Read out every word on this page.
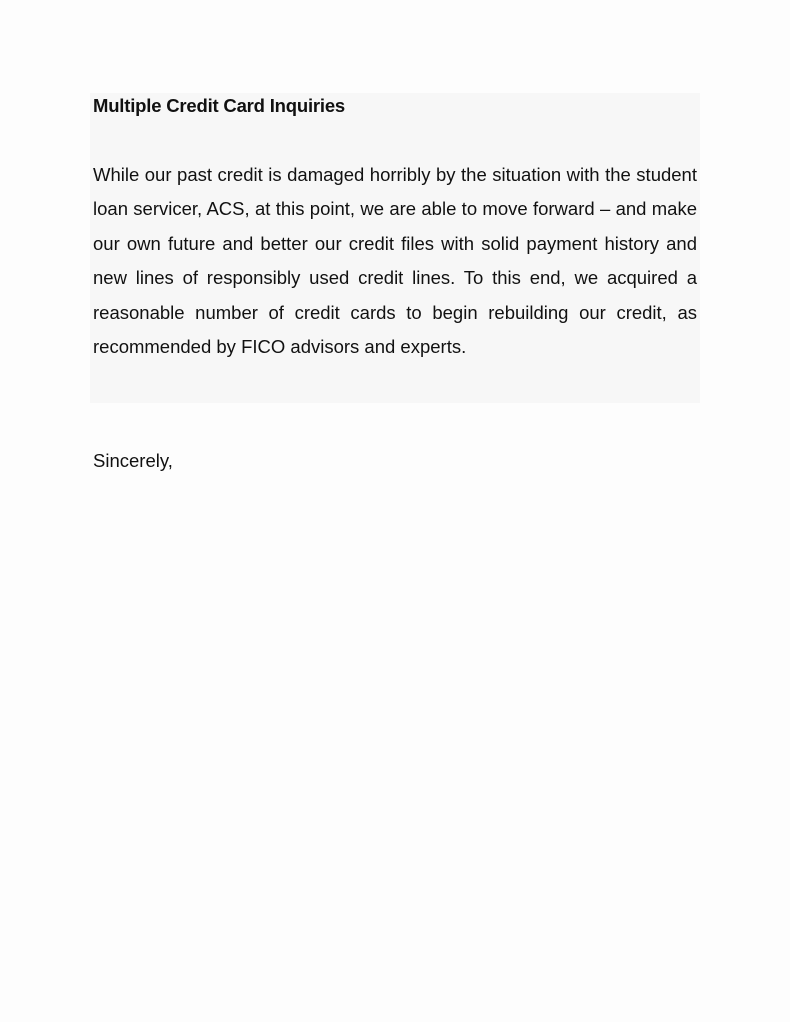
Multiple Credit Card Inquiries

While our past credit is damaged horribly by the situation with the student loan servicer, ACS, at this point, we are able to move forward – and make our own future and better our credit files with solid payment history and new lines of responsibly used credit lines. To this end, we acquired a reasonable number of credit cards to begin rebuilding our credit, as recommended by FICO advisors and experts.

Sincerely,
